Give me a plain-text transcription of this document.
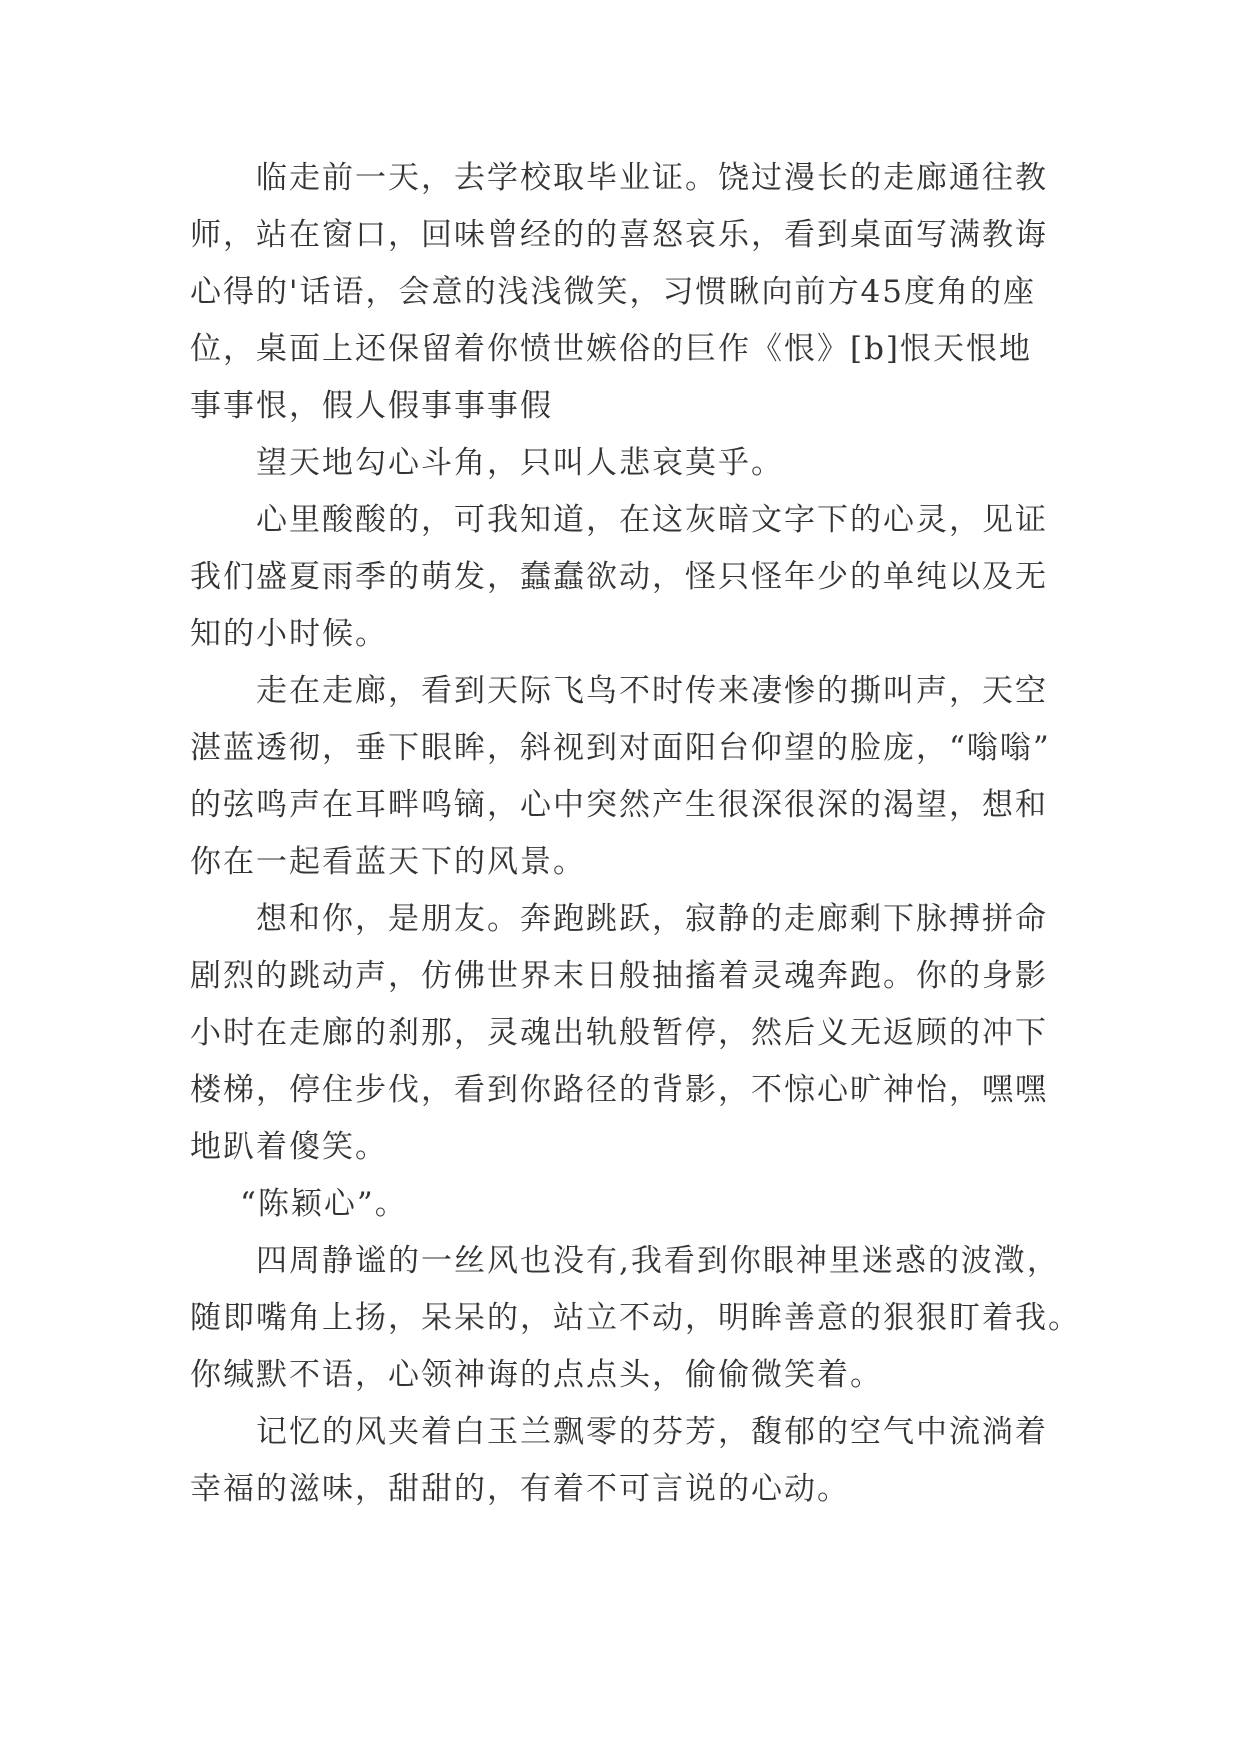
临走前一天，去学校取毕业证。饶过漫长的走廊通往教
师，站在窗口，回味曾经的的喜怒哀乐，看到桌面写满教诲
心得的'话语，会意的浅浅微笑，习惯瞅向前方45度角的座
位，桌面上还保留着你愤世嫉俗的巨作《恨》[b]恨天恨地
事事恨，假人假事事事假
望天地勾心斗角，只叫人悲哀莫乎。
心里酸酸的，可我知道，在这灰暗文字下的心灵，见证
我们盛夏雨季的萌发，蠢蠢欲动，怪只怪年少的单纯以及无
知的小时候。
走在走廊，看到天际飞鸟不时传来凄惨的撕叫声，天空
湛蓝透彻，垂下眼眸，斜视到对面阳台仰望的脸庞，“嗡嗡”
的弦鸣声在耳畔鸣镝，心中突然产生很深很深的渴望，想和
你在一起看蓝天下的风景。
想和你，是朋友。奔跑跳跃，寂静的走廊剩下脉搏拼命
剧烈的跳动声，仿佛世界末日般抽搐着灵魂奔跑。你的身影
小时在走廊的刹那，灵魂出轨般暂停，然后义无返顾的冲下
楼梯，停住步伐，看到你路径的背影，不惊心旷神怡，嘿嘿
地趴着傻笑。
“陈颖心”。
四周静谧的一丝风也没有,我看到你眼神里迷惑的波澂，
随即嘴角上扬，呆呆的，站立不动，明眸善意的狠狠盯着我。
你缄默不语，心领神诲的点点头，偷偷微笑着。
记忆的风夹着白玉兰飘零的芬芳，馥郁的空气中流淌着
幸福的滋味，甜甜的，有着不可言说的心动。
